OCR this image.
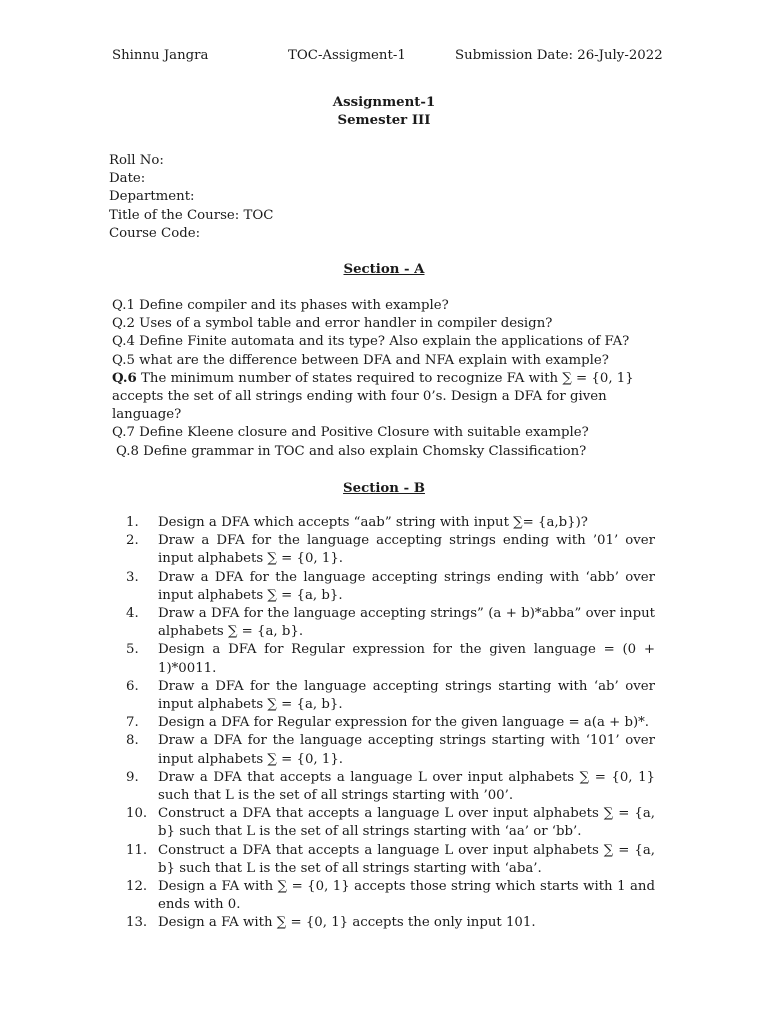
Shinnu Jangra	TOC-Assigment-1	Submission Date: 26-July-2022
Assignment-1
Semester III
Roll No:
Date:
Department:
Title of the Course: TOC
Course Code:
Section - A
Q.1 Define compiler and its phases with example?
Q.2 Uses of a symbol table and error handler in compiler design?
Q.4 Define Finite automata and its type? Also explain the applications of FA?
Q.5 what are the difference between DFA and NFA explain with example?
Q.6 The minimum number of states required to recognize FA with ∑ = {0, 1} accepts the set of all strings ending with four 0’s. Design a DFA for given language?
Q.7 Define Kleene closure and Positive Closure with suitable example?
Q.8 Define grammar in TOC and also explain Chomsky Classification?
Section - B
1.	Design a DFA which accepts “aab” string with input ∑= {a,b})?
2.	Draw a DFA for the language accepting strings ending with ’01’ over input alphabets ∑ = {0, 1}.
3.	Draw a DFA for the language accepting strings ending with ‘abb’ over input alphabets ∑ = {a, b}.
4.	Draw a DFA for the language accepting strings” (a + b)*abba” over input alphabets ∑ = {a, b}.
5.	Design a DFA for Regular expression for the given language = (0 + 1)*0011.
6.	Draw a DFA for the language accepting strings starting with ‘ab’ over input alphabets ∑ = {a, b}.
7.	Design a DFA for Regular expression for the given language = a(a + b)*.
8.	Draw a DFA for the language accepting strings starting with ‘101’ over input alphabets ∑ = {0, 1}.
9.	Draw a DFA that accepts a language L over input alphabets ∑ = {0, 1} such that L is the set of all strings starting with ’00’.
10. Construct a DFA that accepts a language L over input alphabets ∑ = {a, b} such that L is the set of all strings starting with ‘aa’ or ‘bb’.
11. Construct a DFA that accepts a language L over input alphabets ∑ = {a, b} such that L is the set of all strings starting with ‘aba’.
12. Design a FA with ∑ = {0, 1} accepts those string which starts with 1 and ends with 0.
13. Design a FA with ∑ = {0, 1} accepts the only input 101.
